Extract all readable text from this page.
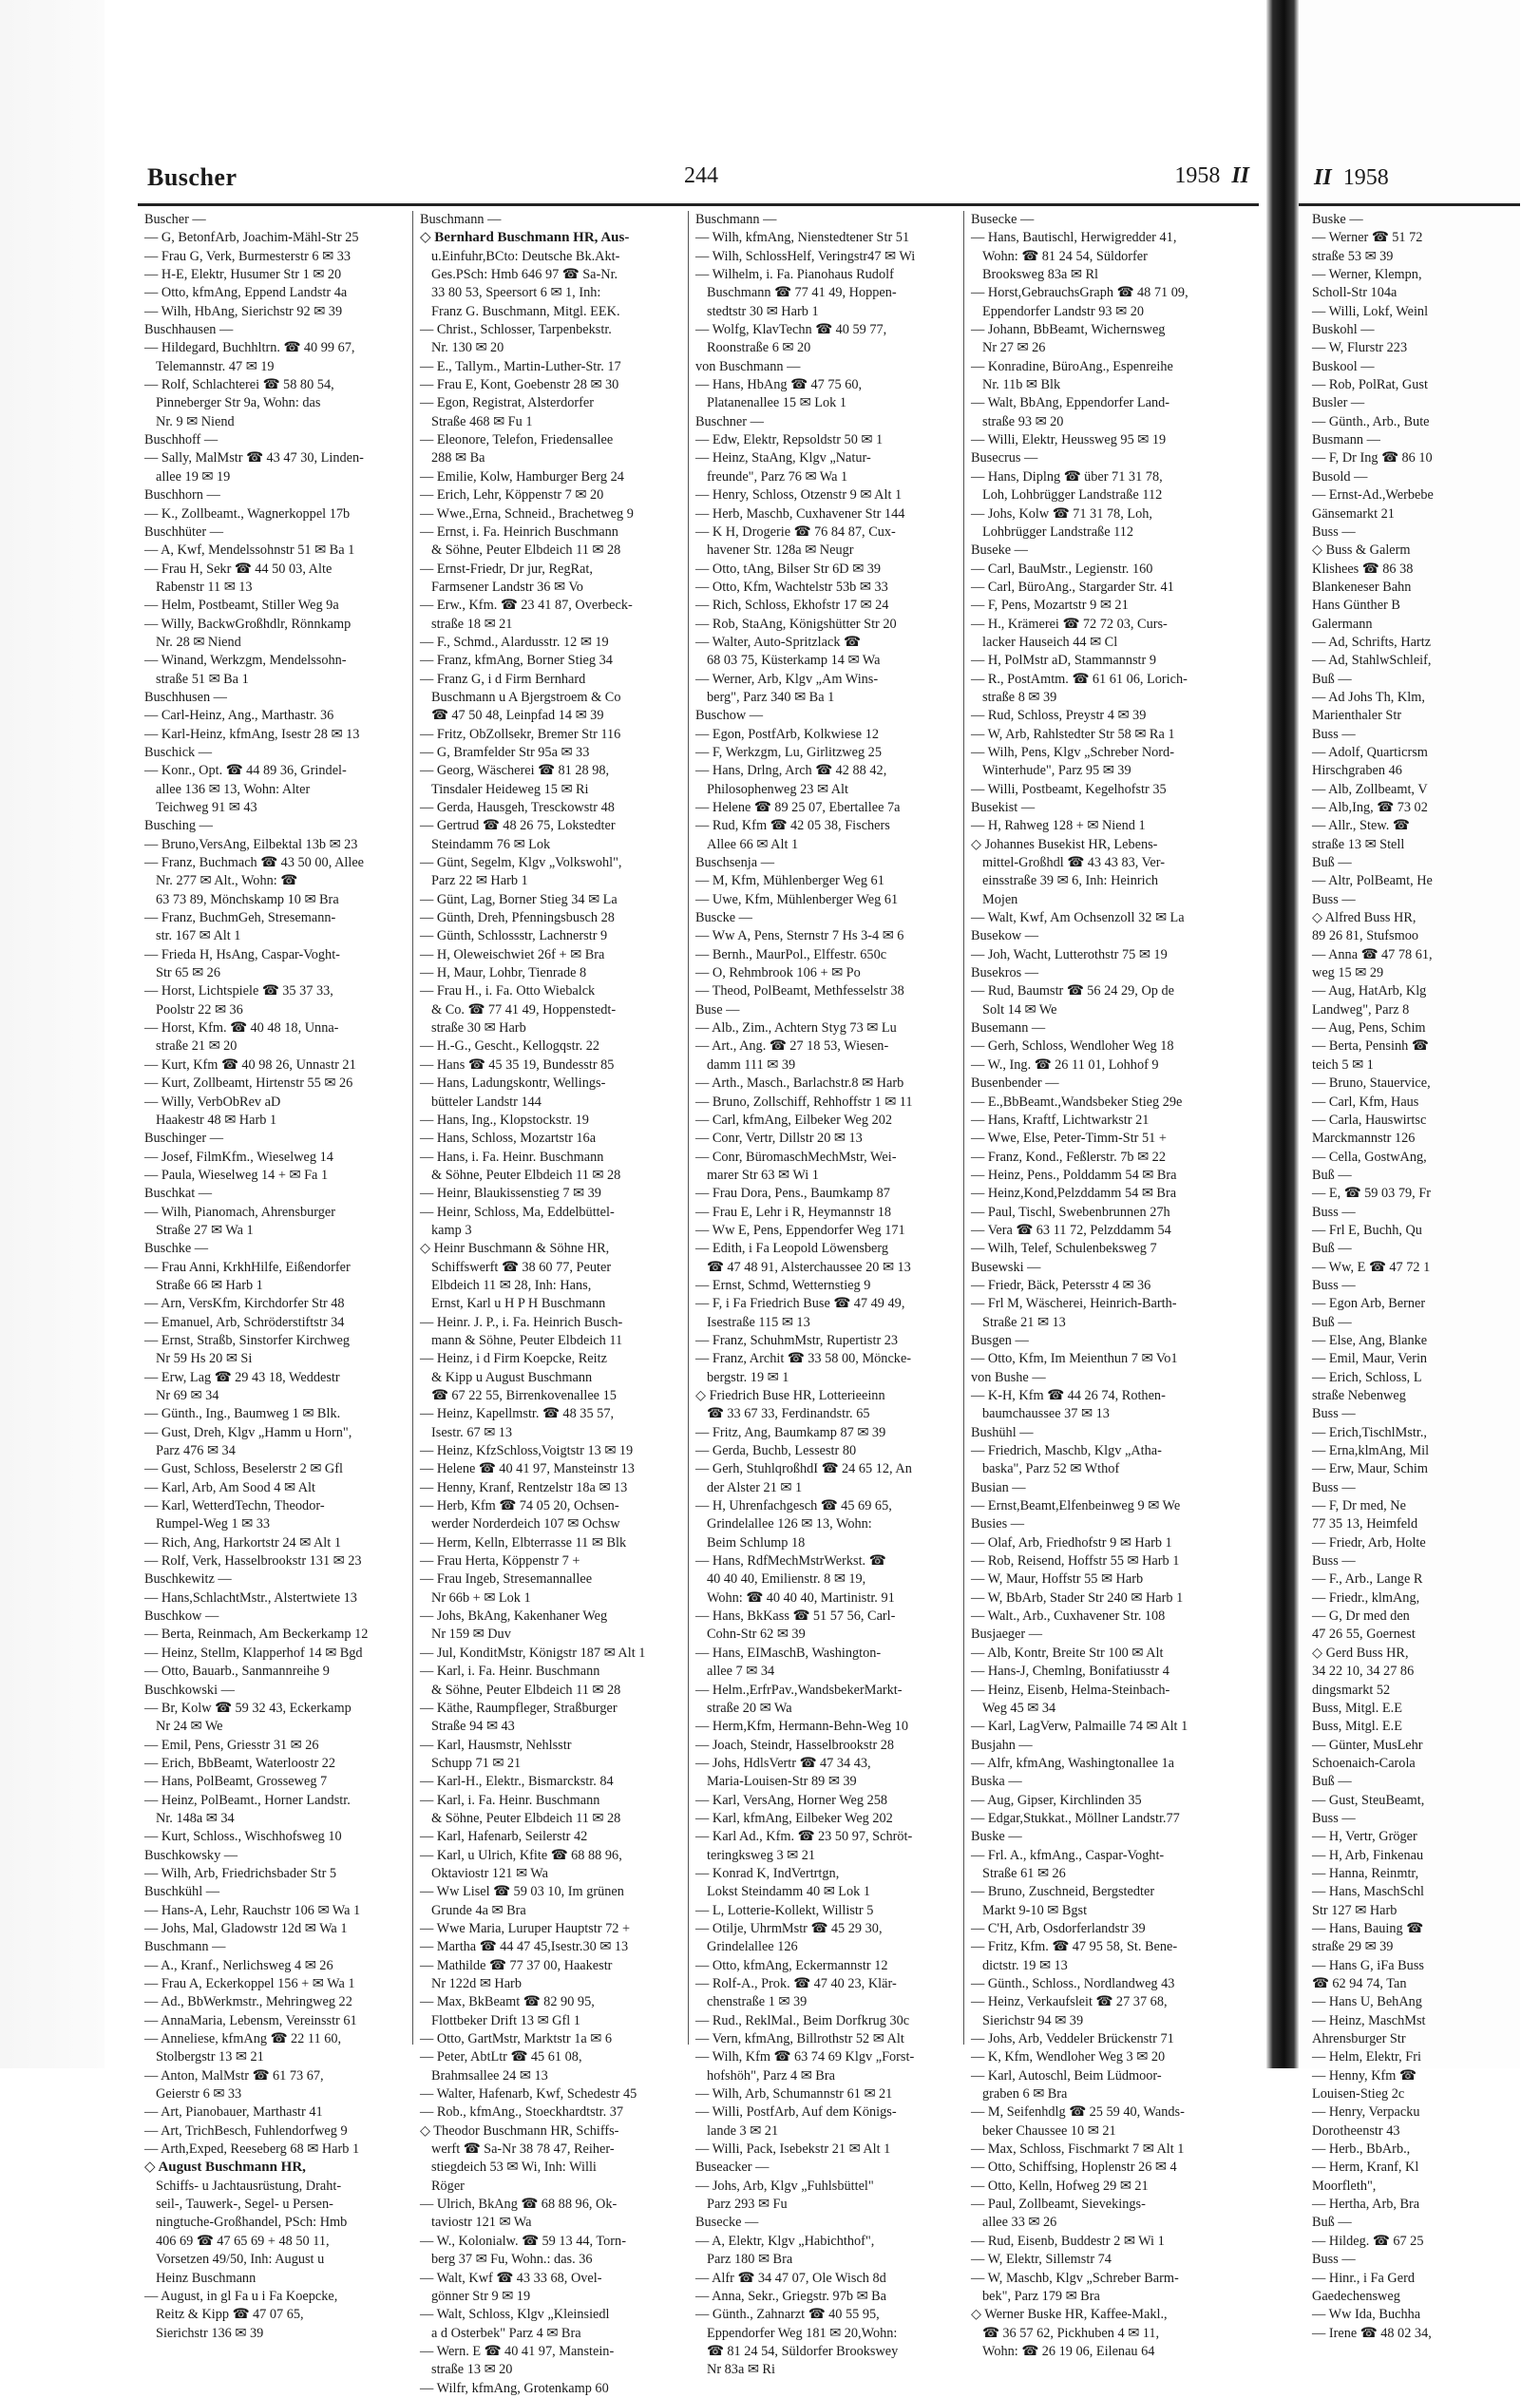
Buscher	244	1958 II
Buscher —
— G, BetonfArb, Joachim-Mähl-Str 25
— Frau G, Verk, Burmesterstr 6 ✉ 33
— H-E, Elektr, Husumer Str 1 ✉ 20
— Otto, kfmAng, Eppend Landstr 4a
— Wilh, HbAng, Sierichstr 92 ✉ 39
Buschhausen —
— Hildegard, Buchhltrn. ☎ 40 99 67,
Telemannstr. 47 ✉ 19
— Rolf, Schlachterei ☎ 58 80 54,
Pinneberger Str 9a, Wohn: das
Nr. 9 ✉ Niend
Buschhoff —
— Sally, MalMstr ☎ 43 47 30, Linden-
allee 19 ✉ 19
Buschhorn —
— K., Zollbeamt., Wagnerkoppel 17b
Buschhüter —
— A, Kwf, Mendelssohnstr 51 ✉ Ba 1
— Frau H, Sekr ☎ 44 50 03, Alte
Rabenstr 11 ✉ 13
— Helm, Postbeamt, Stiller Weg 9a
— Willy, BackwGroßhdlr, Rönnkamp
Nr. 28 ✉ Niend
— Winand, Werkzgm, Mendelssohn-
straße 51 ✉ Ba 1
Buschhusen —
— Carl-Heinz, Ang., Marthastr. 36
— Karl-Heinz, kfmAng, Isestr 28 ✉ 13
Buschick —
— Konr., Opt. ☎ 44 89 36, Grindel-
allee 136 ✉ 13, Wohn: Alter
Teichweg 91 ✉ 43
Busching —
— Bruno,VersAng, Eilbektal 13b ✉ 23
— Franz, Buchmach ☎ 43 50 00, Allee
Nr. 277 ✉ Alt., Wohn: ☎
63 73 89, Mönchskamp 10 ✉ Bra
— Franz, BuchmGeh, Stresemann-
str. 167 ✉ Alt 1
— Frieda H, HsAng, Caspar-Voght-
Str 65 ✉ 26
— Horst, Lichtspiele ☎ 35 37 33,
Poolstr 22 ✉ 36
— Horst, Kfm. ☎ 40 48 18, Unna-
straße 21 ✉ 20
— Kurt, Kfm ☎ 40 98 26, Unnastr 21
— Kurt, Zollbeamt, Hirtenstr 55 ✉ 26
— Willy, VerbObRev aD
Haakestr 48 ✉ Harb 1
Buschinger —
— Josef, FilmKfm., Wieselweg 14
— Paula, Wieselweg 14 + ✉ Fa 1
Buschkat —
— Wilh, Pianomach, Ahrensburger
Straße 27 ✉ Wa 1
Buschke —
— Frau Anni, KrkhHilfe, Eißendorfer
Straße 66 ✉ Harb 1
— Arn, VersKfm, Kirchdorfer Str 48
— Emanuel, Arb, Schröderstiftstr 34
— Ernst, Straßb, Sinstorfer Kirchweg
Nr 59 Hs 20 ✉ Si
— Erw, Lag ☎ 29 43 18, Weddestr
Nr 69 ✉ 34
— Günth., Ing., Baumweg 1 ✉ Blk.
— Gust, Dreh, Klgv „Hamm u Horn",
Parz 476 ✉ 34
— Gust, Schloss, Beselerstr 2 ✉ Gfl
— Karl, Arb, Am Sood 4 ✉ Alt
— Karl, WetterdTechn, Theodor-
Rumpel-Weg 1 ✉ 33
— Rich, Ang, Harkortstr 24 ✉ Alt 1
— Rolf, Verk, Hasselbrookstr 131 ✉ 23
Buschkewitz —
— Hans,SchlachtMstr., Alstertwiete 13
Buschkow —
— Berta, Reinmach, Am Beckerkamp 12
— Heinz, Stellm, Klapperhof 14 ✉ Bgd
— Otto, Bauarb., Sanmannreihe 9
Buschkowski —
— Br, Kolw ☎ 59 32 43, Eckerkamp
Nr 24 ✉ We
— Emil, Pens, Griesstr 31 ✉ 26
— Erich, BbBeamt, Waterloostr 22
— Hans, PolBeamt, Grosseweg 7
— Heinz, PolBeamt., Horner Landstr.
Nr. 148a ✉ 34
— Kurt, Schloss., Wischhofsweg 10
Buschkowsky —
— Wilh, Arb, Friedrichsbader Str 5
Buschkühl —
— Hans-A, Lehr, Rauchstr 106 ✉ Wa 1
— Johs, Mal, Gladowstr 12d ✉ Wa 1
Buschmann —
— A., Kranf., Nerlichsweg 4 ✉ 26
— Frau A, Eckerkoppel 156 + ✉ Wa 1
— Ad., BbWerkmstr., Mehringweg 22
— AnnaMaria, Lebensm, Vereinsstr 61
— Anneliese, kfmAng ☎ 22 11 60,
Stolbergstr 13 ✉ 21
— Anton, MalMstr ☎ 61 73 67,
Geierstr 6 ✉ 33
— Art, Pianobauer, Marthastr 41
— Art, TrichBesch, Fuhlendorfweg 9
— Arth,Exped, Reeseberg 68 ✉ Harb 1
◇ August Buschmann HR,
Schiffs- u Jachtausrüstung, Draht-
seil-, Tauwerk-, Segel- u Persen-
ningtuche-Großhandel, PSch: Hmb
406 69 ☎ 47 65 69 + 48 50 11,
Vorsetzen 49/50, Inh: August u
Heinz Buschmann
— August, in gl Fa u i Fa Koepcke,
Reitz & Kipp ☎ 47 07 65,
Sierichstr 136 ✉ 39
Buschmann —
◇ Bernhard Buschmann HR, Aus-
u.Einfuhr,BCto: Deutsche Bk.Akt-
Ges.PSch: Hmb 646 97 ☎ Sa-Nr.
33 80 53, Speersort 6 ✉ 1, Inh:
Franz G. Buschmann, Mitgl. EEK.
— Christ., Schlosser, Tarpenbekstr.
Nr. 130 ✉ 20
— E., Tallym., Martin-Luther-Str. 17
— Frau E, Kont, Goebenstr 28 ✉ 30
— Egon, Registrat, Alsterdorfer
Straße 468 ✉ Fu 1
— Eleonore, Telefon, Friedensallee
288 ✉ Ba
— Emilie, Kolw, Hamburger Berg 24
— Erich, Lehr, Köppenstr 7 ✉ 20
— Wwe.,Erna, Schneid., Brachetweg 9
— Ernst, i. Fa. Heinrich Buschmann
& Söhne, Peuter Elbdeich 11 ✉ 28
— Ernst-Friedr, Dr jur, RegRat,
Farmsener Landstr 36 ✉ Vo
— Erw., Kfm. ☎ 23 41 87, Overbeck-
straße 18 ✉ 21
— F., Schmd., Alardusstr. 12 ✉ 19
— Franz, kfmAng, Borner Stieg 34
— Franz G, i d Firm Bernhard
Buschmann u A Bjergstroem & Co
☎ 47 50 48, Leinpfad 14 ✉ 39
— Fritz, ObZollsekr, Bremer Str 116
— G, Bramfelder Str 95a ✉ 33
— Georg, Wäscherei ☎ 81 28 98,
Tinsdaler Heideweg 15 ✉ Ri
— Gerda, Hausgeh, Tresckowstr 48
— Gertrud ☎ 48 26 75, Lokstedter
Steindamm 76 ✉ Lok
— Günt, Segelm, Klgv „Volkswohl",
Parz 22 ✉ Harb 1
— Günt, Lag, Borner Stieg 34 ✉ La
— Günth, Dreh, Pfenningsbusch 28
— Günth, Schlossstr, Lachnerstr 9
— H, Oleweischwiet 26f + ✉ Bra
— H, Maur, Lohbr, Tienrade 8
— Frau H., i. Fa. Otto Wiebalck
& Co. ☎ 77 41 49, Hoppenstedt-
straße 30 ✉ Harb
— H.-G., Gescht., Kellogqstr. 22
— Hans ☎ 45 35 19, Bundesstr 85
— Hans, Ladungskontr, Wellings-
bütteler Landstr 144
— Hans, Ing., Klopstockstr. 19
— Hans, Schloss, Mozartstr 16a
— Hans, i. Fa. Heinr. Buschmann
& Söhne, Peuter Elbdeich 11 ✉ 28
— Heinr, Blaukissenstieg 7 ✉ 39
— Heinr, Schloss, Ma, Eddelbüttel-
kamp 3
◇ Heinr Buschmann & Söhne HR,
Schiffswerft ☎ 38 60 77, Peuter
Elbdeich 11 ✉ 28, Inh: Hans,
Ernst, Karl u H P H Buschmann
— Heinr. J. P., i. Fa. Heinrich Busch-
mann & Söhne, Peuter Elbdeich 11
— Heinz, i d Firm Koepcke, Reitz
& Kipp u August Buschmann
☎ 67 22 55, Birrenkovenallee 15
— Heinz, Kapellmstr. ☎ 48 35 57,
Isestr. 67 ✉ 13
— Heinz, KfzSchloss,Voigtstr 13 ✉ 19
— Helene ☎ 40 41 97, Mansteinstr 13
— Henny, Kranf, Rentzelstr 18a ✉ 13
— Herb, Kfm ☎ 74 05 20, Ochsen-
werder Norderdeich 107 ✉ Ochsw
— Herm, Kelln, Elbterrasse 11 ✉ Blk
— Frau Herta, Köppenstr 7 +
— Frau Ingeb, Stresemannallee
Nr 66b + ✉ Lok 1
— Johs, BkAng, Kakenhaner Weg
Nr 159 ✉ Duv
— Jul, KonditMstr, Königstr 187 ✉ Alt 1
— Karl, i. Fa. Heinr. Buschmann
& Söhne, Peuter Elbdeich 11 ✉ 28
— Käthe, Raumpfleger, Straßburger
Straße 94 ✉ 43
— Karl, Hausmstr, Nehlsstr
Schupp 71 ✉ 21
— Karl-H., Elektr., Bismarckstr. 84
— Karl, i. Fa. Heinr. Buschmann
& Söhne, Peuter Elbdeich 11 ✉ 28
— Karl, Hafenarb, Seilerstr 42
— Karl, u Ulrich, Kfite ☎ 68 88 96,
Oktaviostr 121 ✉ Wa
— Ww Lisel ☎ 59 03 10, Im grünen
Grunde 4a ✉ Bra
— Wwe Maria, Luruper Hauptstr 72 +
— Martha ☎ 44 47 45,Isestr.30 ✉ 13
— Mathilde ☎ 77 37 00, Haakestr
Nr 122d ✉ Harb
— Max, BkBeamt ☎ 82 90 95,
Flottbeker Drift 13 ✉ Gfl 1
— Otto, GartMstr, Marktstr 1a ✉ 6
— Peter, AbtLtr ☎ 45 61 08,
Brahmsallee 24 ✉ 13
— Walter, Hafenarb, Kwf, Schedestr 45
— Rob., kfmAng., Stoeckhardtstr. 37
◇ Theodor Buschmann HR, Schiffs-
werft ☎ Sa-Nr 38 78 47, Reiher-
stiegdeich 53 ✉ Wi, Inh: Willi
Röger
— Ulrich, BkAng ☎ 68 88 96, Ok-
taviostr 121 ✉ Wa
— W., Kolonialw. ☎ 59 13 44, Torn-
berg 37 ✉ Fu, Wohn.: das. 36
— Walt, Kwf ☎ 43 33 68, Ovel-
gönner Str 9 ✉ 19
— Walt, Schloss, Klgv „Kleinsiedl
a d Osterbek" Parz 4 ✉ Bra
— Wern. E ☎ 40 41 97, Manstein-
straße 13 ✉ 20
— Wilfr, kfmAng, Grotenkamp 60
Buschmann —
— Wilh, kfmAng, Nienstedtener Str 51
— Wilh, SchlossHelf, Veringstr47 ✉ Wi
— Wilhelm, i. Fa. Pianohaus Rudolf
Buschmann ☎ 77 41 49, Hoppen-
stedtstr 30 ✉ Harb 1
— Wolfg, KlavTechn ☎ 40 59 77,
Roonstraße 6 ✉ 20
von Buschmann —
— Hans, HbAng ☎ 47 75 60,
Platanenallee 15 ✉ Lok 1
Buschner —
— Edw, Elektr, Repsoldstr 50 ✉ 1
— Heinz, StaAng, Klgv „Natur-
freunde", Parz 76 ✉ Wa 1
— Henry, Schloss, Otzenstr 9 ✉ Alt 1
— Herb, Maschb, Cuxhavener Str 144
— K H, Drogerie ☎ 76 84 87, Cux-
havener Str. 128a ✉ Neugr
— Otto, tAng, Bilser Str 6D ✉ 39
— Otto, Kfm, Wachtelstr 53b ✉ 33
— Rich, Schloss, Ekhofstr 17 ✉ 24
— Rob, StaAng, Königshütter Str 20
— Walter, Auto-Spritzlack ☎
68 03 75, Küsterkamp 14 ✉ Wa
— Werner, Arb, Klgv „Am Wins-
berg", Parz 340 ✉ Ba 1
Buschow —
— Egon, PostfArb, Kolkwiese 12
— F, Werkzgm, Lu, Girlitzweg 25
— Hans, Drlng, Arch ☎ 42 88 42,
Philosophenweg 23 ✉ Alt
— Helene ☎ 89 25 07, Ebertallee 7a
— Rud, Kfm ☎ 42 05 38, Fischers
Allee 66 ✉ Alt 1
Buschsenja —
— M, Kfm, Mühlenberger Weg 61
— Uwe, Kfm, Mühlenberger Weg 61
Buscke —
— Ww A, Pens, Sternstr 7 Hs 3-4 ✉ 6
— Bernh., MaurPol., Elffestr. 650c
— O, Rehmbrook 106 + ✉ Po
— Theod, PolBeamt, Methfesselstr 38
Buse —
— Alb., Zim., Achtern Styg 73 ✉ Lu
— Art., Ang. ☎ 27 18 53, Wiesen-
damm 111 ✉ 39
— Arth., Masch., Barlachstr.8 ✉ Harb
— Bruno, Zollschiff, Rehhoffstr 1 ✉ 11
— Carl, kfmAng, Eilbeker Weg 202
— Conr, Vertr, Dillstr 20 ✉ 13
— Conr, BüromaschMechMstr, Wei-
marer Str 63 ✉ Wi 1
— Frau Dora, Pens., Baumkamp 87
— Frau E, Lehr i R, Heymannstr 18
— Ww E, Pens, Eppendorfer Weg 171
— Edith, i Fa Leopold Löwensberg
☎ 47 48 91, Alsterchaussee 20 ✉ 13
— Ernst, Schmd, Wetternstieg 9
— F, i Fa Friedrich Buse ☎ 47 49 49,
Isestraße 115 ✉ 13
— Franz, SchuhmMstr, Rupertistr 23
— Franz, Archit ☎ 33 58 00, Möncke-
bergstr. 19 ✉ 1
◇ Friedrich Buse HR, Lotterieeinn
☎ 33 67 33, Ferdinandstr. 65
— Fritz, Ang, Baumkamp 87 ✉ 39
— Gerda, Buchb, Lessestr 80
— Gerh, StuhlqroßhdI ☎ 24 65 12, An
der Alster 21 ✉ 1
— H, Uhrenfachgesch ☎ 45 69 65,
Grindelallee 126 ✉ 13, Wohn:
Beim Schlump 18
— Hans, RdfMechMstrWerkst. ☎
40 40 40, Emilienstr. 8 ✉ 19,
Wohn: ☎ 40 40 40, Martinistr. 91
— Hans, BkKass ☎ 51 57 56, Carl-
Cohn-Str 62 ✉ 39
— Hans, EIMaschB, Washington-
allee 7 ✉ 34
— Helm.,ErfrPav.,WandsbekerMarkt-
straße 20 ✉ Wa
— Herm,Kfm, Hermann-Behn-Weg 10
— Joach, Steindr, Hasselbrookstr 28
— Johs, HdlsVertr ☎ 47 34 43,
Maria-Louisen-Str 89 ✉ 39
— Karl, VersAng, Horner Weg 258
— Karl, kfmAng, Eilbeker Weg 202
— Karl Ad., Kfm. ☎ 23 50 97, Schröt-
teringksweg 3 ✉ 21
— Konrad K, IndVertrtgn,
Lokst Steindamm 40 ✉ Lok 1
— L, Lotterie-Kollekt, Willistr 5
— Otilje, UhrmMstr ☎ 45 29 30,
Grindelallee 126
— Otto, kfmAng, Eckermannstr 12
— Rolf-A., Prok. ☎ 47 40 23, Klär-
chenstraße 1 ✉ 39
— Rud., ReklMal., Beim Dorfkrug 30c
— Vern, kfmAng, Billrothstr 52 ✉ Alt
— Wilh, Kfm ☎ 63 74 69 Klgv „Forst-
hofshöh", Parz 4 ✉ Bra
— Wilh, Arb, Schumannstr 61 ✉ 21
— Willi, PostfArb, Auf dem Königs-
lande 3 ✉ 21
— Willi, Pack, Isebekstr 21 ✉ Alt 1
Buseacker —
— Johs, Arb, Klgv „Fuhlsbüttel"
Parz 293 ✉ Fu
Busecke —
— A, Elektr, Klgv „Habichthof",
Parz 180 ✉ Bra
— Alfr ☎ 34 47 07, Ole Wisch 8d
— Anna, Sekr., Griegstr. 97b ✉ Ba
— Günth., Zahnarzt ☎ 40 55 95,
Eppendorfer Weg 181 ✉ 20,Wohn:
☎ 81 24 54, Süldorfer Brookswey
Nr 83a ✉ Ri
Busecke —
— Hans, Bautischl, Herwigredder 41,
Wohn: ☎ 81 24 54, Süldorfer
Brooksweg 83a ✉ Rl
— Horst,GebrauchsGraph ☎ 48 71 09,
Eppendorfer Landstr 93 ✉ 20
— Johann, BbBeamt, Wichernsweg
Nr 27 ✉ 26
— Konradine, BüroAng., Espenreihe
Nr. 11b ✉ Blk
— Walt, BbAng, Eppendorfer Land-
straße 93 ✉ 20
— Willi, Elektr, Heussweg 95 ✉ 19
Busecrus —
— Hans, Diplng ☎ über 71 31 78,
Loh, Lohbrügger Landstraße 112
— Johs, Kolw ☎ 71 31 78, Loh,
Lohbrügger Landstraße 112
Buseke —
— Carl, BauMstr., Legienstr. 160
— Carl, BüroAng., Stargarder Str. 41
— F, Pens, Mozartstr 9 ✉ 21
— H., Krämerei ☎ 72 72 03, Curs-
lacker Hauseich 44 ✉ Cl
— H, PolMstr aD, Stammannstr 9
— R., PostAmtm. ☎ 61 61 06, Lorich-
straße 8 ✉ 39
— Rud, Schloss, Preystr 4 ✉ 39
— W, Arb, Rahlstedter Str 58 ✉ Ra 1
— Wilh, Pens, Klgv „Schreber Nord-
Winterhude", Parz 95 ✉ 39
— Willi, Postbeamt, Kegelhofstr 35
Busekist —
— H, Rahweg 128 + ✉ Niend 1
◇ Johannes Busekist HR, Lebens-
mittel-Großhdl ☎ 43 43 83, Ver-
einsstraße 39 ✉ 6, Inh: Heinrich
Mojen
— Walt, Kwf, Am Ochsenzoll 32 ✉ La
Busekow —
— Joh, Wacht, Lutterothstr 75 ✉ 19
Busekros —
— Rud, Baumstr ☎ 56 24 29, Op de
Solt 14 ✉ We
Busemann —
— Gerh, Schloss, Wendloher Weg 18
— W., Ing. ☎ 26 11 01, Lohhof 9
Busenbender —
— E.,BbBeamt.,Wandsbeker Stieg 29e
— Hans, Kraftf, Lichtwarkstr 21
— Wwe, Else, Peter-Timm-Str 51 +
— Franz, Kond., Feßlerstr. 7b ✉ 22
— Heinz, Pens., Polddamm 54 ✉ Bra
— Heinz,Kond,Pelzddamm 54 ✉ Bra
— Paul, Tischl, Swebenbrunnen 27h
— Vera ☎ 63 11 72, Pelzddamm 54
— Wilh, Telef, Schulenbeksweg 7
Busewski —
— Friedr, Bäck, Petersstr 4 ✉ 36
— Frl M, Wäscherei, Heinrich-Barth-
Straße 21 ✉ 13
Busgen —
— Otto, Kfm, Im Meienthun 7 ✉ Vo1
von Bushe —
— K-H, Kfm ☎ 44 26 74, Rothen-
baumchaussee 37 ✉ 13
Bushühl —
— Friedrich, Maschb, Klgv „Atha-
baska", Parz 52 ✉ Wthof
Busian —
— Ernst,Beamt,Elfenbeinweg 9 ✉ We
Busies —
— Olaf, Arb, Friedhofstr 9 ✉ Harb 1
— Rob, Reisend, Hoffstr 55 ✉ Harb 1
— W, Maur, Hoffstr 55 ✉ Harb
— W, BbArb, Stader Str 240 ✉ Harb 1
— Walt., Arb., Cuxhavener Str. 108
Busjaeger —
— Alb, Kontr, Breite Str 100 ✉ Alt
— Hans-J, Chemlng, Bonifatiusstr 4
— Heinz, Eisenb, Helma-Steinbach-
Weg 45 ✉ 34
— Karl, LagVerw, Palmaille 74 ✉ Alt 1
Busjahn —
— Alfr, kfmAng, Washingtonallee 1a
Buska —
— Aug, Gipser, Kirchlinden 35
— Edgar,Stukkat., Möllner Landstr.77
Buske —
— Frl. A., kfmAng., Caspar-Voght-
Straße 61 ✉ 26
— Bruno, Zuschneid, Bergstedter
Markt 9-10 ✉ Bgst
— C'H, Arb, Osdorferlandstr 39
— Fritz, Kfm. ☎ 47 95 58, St. Bene-
dictstr. 19 ✉ 13
— Günth., Schloss., Nordlandweg 43
— Heinz, Verkaufsleit ☎ 27 37 68,
Sierichstr 94 ✉ 39
— Johs, Arb, Veddeler Brückenstr 71
— K, Kfm, Wendloher Weg 3 ✉ 20
— Karl, Autoschl, Beim Lüdmoor-
graben 6 ✉ Bra
— M, Seifenhdlg ☎ 25 59 40, Wands-
beker Chaussee 10 ✉ 21
— Max, Schloss, Fischmarkt 7 ✉ Alt 1
— Otto, Schiffsing, Hoplenstr 26 ✉ 4
— Otto, Kelln, Hofweg 29 ✉ 21
— Paul, Zollbeamt, Sievekings-
allee 33 ✉ 26
— Rud, Eisenb, Buddestr 2 ✉ Wi 1
— W, Elektr, Sillemstr 74
— W, Maschb, Klgv „Schreber Barm-
bek", Parz 179 ✉ Bra
◇ Werner Buske HR, Kaffee-Makl.,
☎ 36 57 62, Pickhuben 4 ✉ 11,
Wohn: ☎ 26 19 06, Eilenau 64
II 1958
Buske —
— Werner ☎ 51 72
straße 53 ✉ 39
— Werner, Klempn,
Scholl-Str 104a
— Willi, Lokf, Weinl
Buskohl —
— W, Flurstr 223
Buskool —
— Rob, PolRat, Gust
Busler —
— Günth., Arb., Bute
Busmann —
— F, Dr Ing ☎ 86 10
Busold —
— Ernst-Ad.,Werbebe
Gänsemarkt 21
Buss —
◇ Buss & Galerm
Klishees ☎ 86 38
Blankeneser Bahn
Hans Günther B
Galermann
— Ad, Schrifts, Hartz
— Ad, StahlwSchleif,
Buß —
— Ad Johs Th, Klm,
Marienthaler Str
Buss —
— Adolf, Quarticrsm
Hirschgraben 46
— Alb, Zollbeamt, V
— Alb,Ing, ☎ 73 02
— Allr., Stew. ☎
straße 13 ✉ Stell
Buß —
— Altr, PolBeamt, He
Buss —
◇ Alfred Buss HR,
89 26 81, Stufsmoo
— Anna ☎ 47 78 61,
weg 15 ✉ 29
— Aug, HatArb, Klg
Landweg", Parz 8
— Aug, Pens, Schim
— Berta, Pensinh ☎
teich 5 ✉ 1
— Bruno, Stauervice,
— Carl, Kfm, Haus
— Carla, Hauswirtsc
Marckmannstr 126
— Cella, GostwAng,
Buß —
— E, ☎ 59 03 79, Fr
Buss —
— Frl E, Buchh, Qu
Buß —
— Ww, E ☎ 47 72 1
Buss —
— Egon Arb, Berner
Buß —
— Else, Ang, Blanke
— Emil, Maur, Verin
— Erich, Schloss, L
straße Nebenweg
Buss —
— Erich,TischlMstr.,
— Erna,klmAng, Mil
— Erw, Maur, Schim
Buss —
— F, Dr med, Ne
77 35 13, Heimfeld
— Friedr, Arb, Holte
Buss —
— F., Arb., Lange R
— Friedr., klmAng,
— G, Dr med den
47 26 55, Goernest
◇ Gerd Buss HR,
34 22 10, 34 27 86
dingsmarkt 52
Buss, Mitgl. E.E
Buss, Mitgl. E.E
— Günter, MusLehr
Schoenaich-Carola
Buß —
— Gust, SteuBeamt,
Buss —
— H, Vertr, Gröger
— H, Arb, Finkenau
— Hanna, Reinmtr,
— Hans, MaschSchl
Str 127 ✉ Harb
— Hans, Bauing ☎
straße 29 ✉ 39
— Hans G, iFa Buss
☎ 62 94 74, Tan
— Hans U, BehAng
— Heinz, MaschMst
Ahrensburger Str
— Helm, Elektr, Fri
— Henny, Kfm ☎
Louisen-Stieg 2c
— Henry, Verpacku
Dorotheenstr 43
— Herb., BbArb.,
— Herm, Kranf, Kl
Moorfleth",
— Hertha, Arb, Bra
Buß —
— Hildeg. ☎ 67 25
Buss —
— Hinr., i Fa Gerd
Gaedechensweg
— Ww Ida, Buchha
— Irene ☎ 48 02 34,
